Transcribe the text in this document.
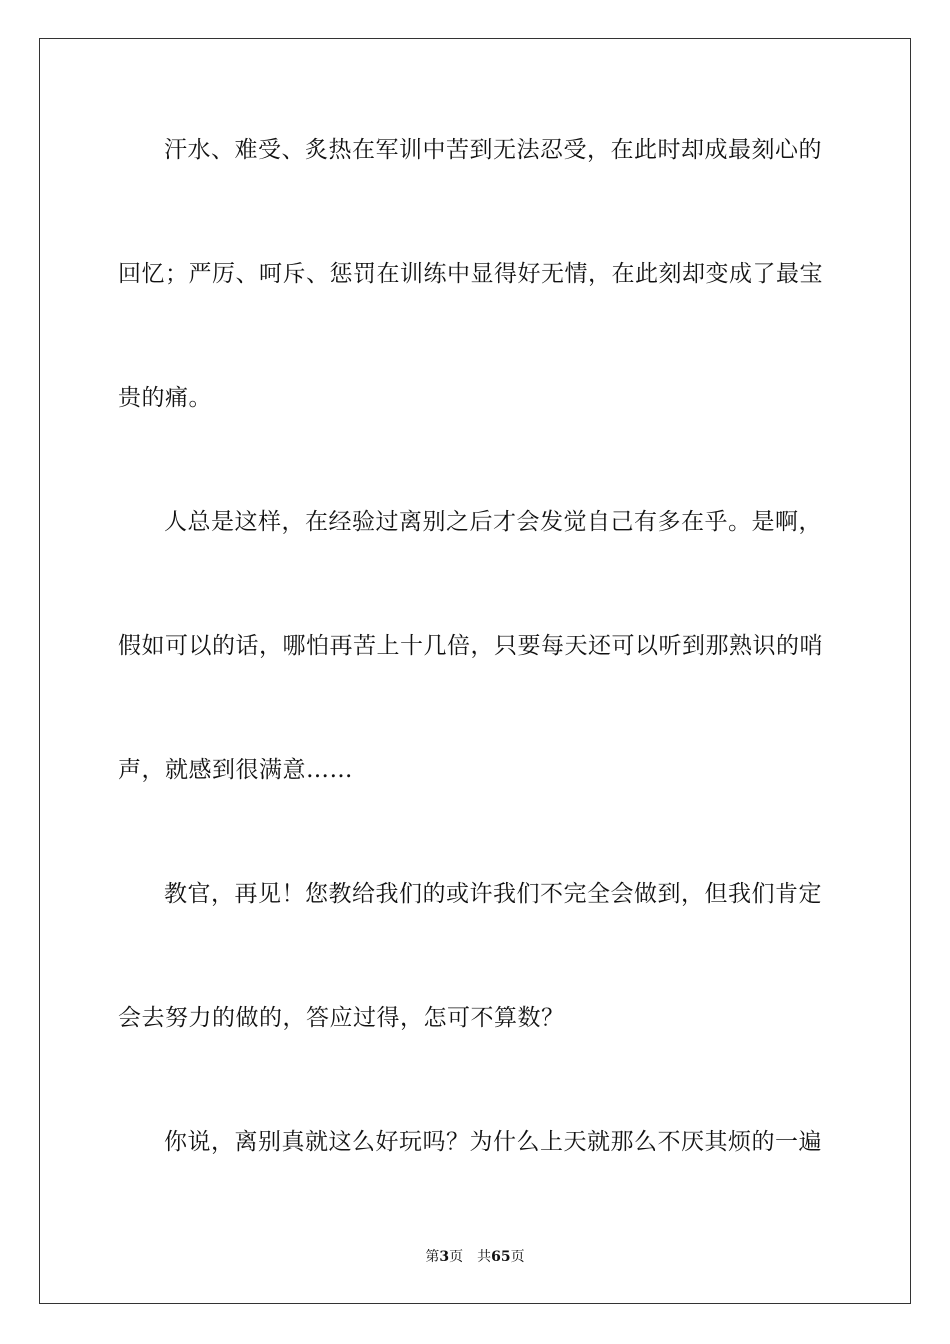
汗水、难受、炙热在军训中苦到无法忍受，在此时却成最刻心的
回忆；严厉、呵斥、惩罚在训练中显得好无情，在此刻却变成了最宝
贵的痛。
人总是这样，在经验过离别之后才会发觉自己有多在乎。是啊，
假如可以的话，哪怕再苦上十几倍，只要每天还可以听到那熟识的哨
声，就感到很满意……
教官，再见！您教给我们的或许我们不完全会做到，但我们肯定
会去努力的做的，答应过得，怎可不算数？
你说，离别真就这么好玩吗？为什么上天就那么不厌其烦的一遍
第3页 共65页
